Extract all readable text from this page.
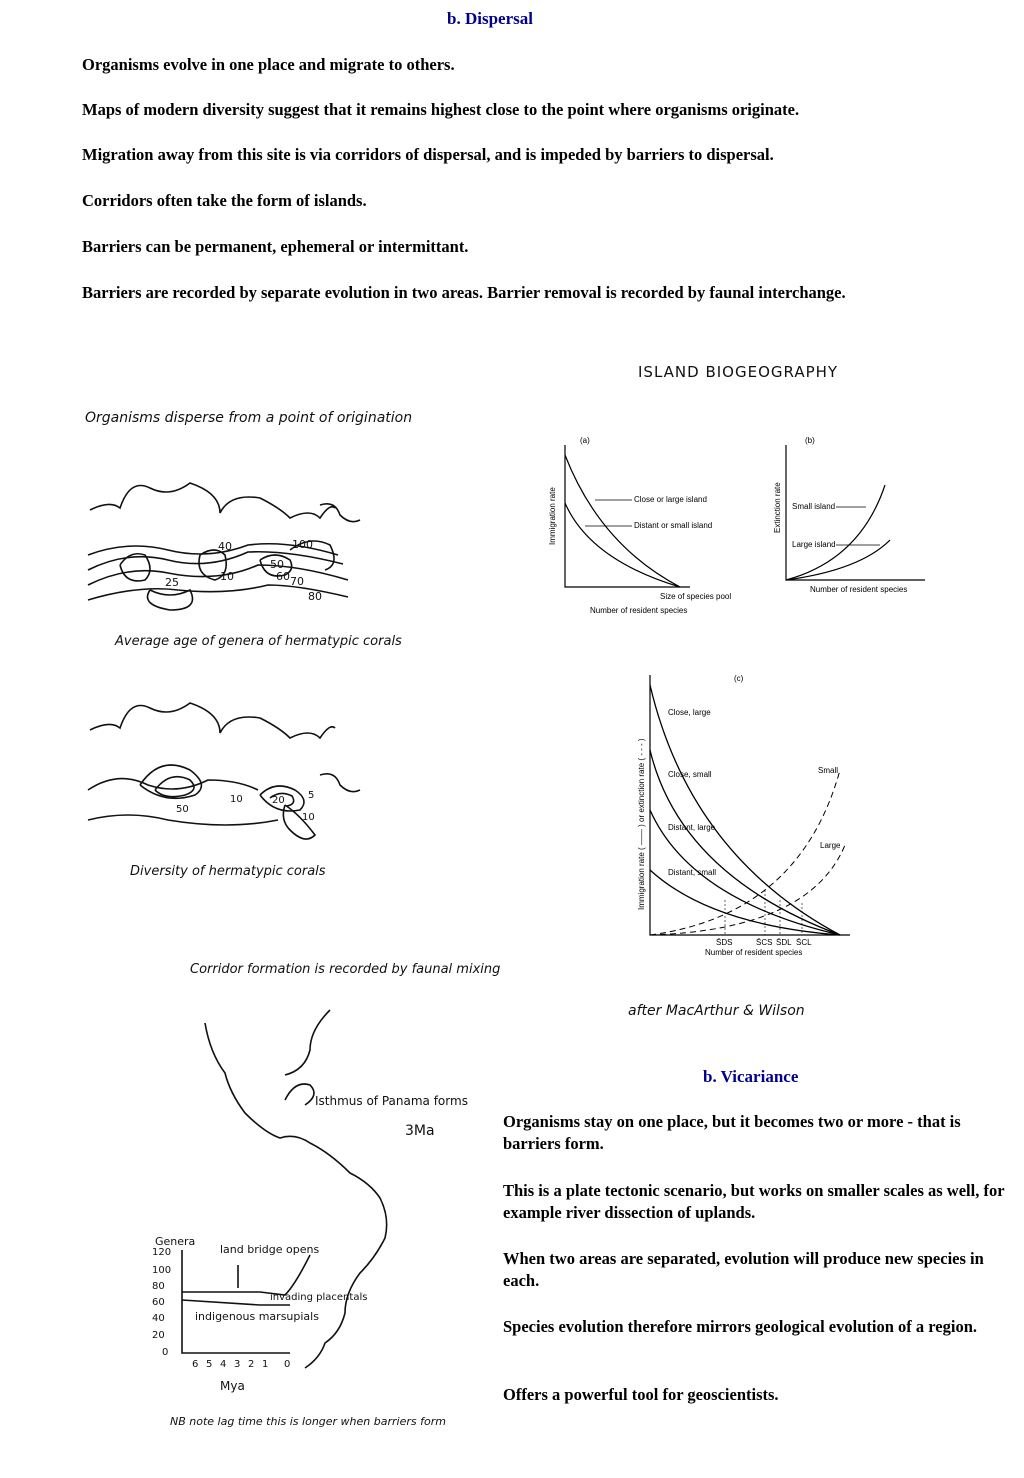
b. Dispersal

Organisms evolve in one place and migrate to others.

Maps of modern diversity suggest that it remains highest close to the point where organisms originate.

Migration away from this site is via corridors of dispersal, and is impeded by barriers to dispersal.

Corridors often take the form of islands.

Barriers can be permanent, ephemeral or intermittant.

Barriers are recorded by separate evolution in two areas. Barrier removal is recorded by faunal interchange.

Organisms disperse from a point of origination
40
25	10	70
60
50
100
80
Average age of genera of hermatypic corals
10	20
50
5
10
Diversity of hermatypic corals
Corridor formation is recorded by faunal mixing
Isthmus of Panama forms
3Ma
Genera
120
100
80
60
40
20
0
land bridge opens
invading placentals
indigenous marsupials
6 5 4 3 2 1 0
Mya
NB note lag time this is longer when barriers form
ISLAND BIOGEOGRAPHY
(a)
Close or large island
Distant or small island
Immigration rate
Size of species pool
Number of resident species
(b)
Small island
Large island
Extinction rate
Number of resident species
(c)
Close, large
Close, small
Distant, large
Distant, small
Small
Large
S̄DS	S̄CS S̄DL S̄CL
Immigration rate ( —— ) or extinction rate ( - - - )
Number of resident species
after MacArthur & Wilson
b. Vicariance

Organisms stay on one place, but it becomes two or more - that is barriers form.

This is a plate tectonic scenario, but works on smaller scales as well, for example river dissection of uplands.

When two areas are separated, evolution will produce new species in each.

Species evolution therefore mirrors geological evolution of a region.

Offers a powerful tool for geoscientists.
